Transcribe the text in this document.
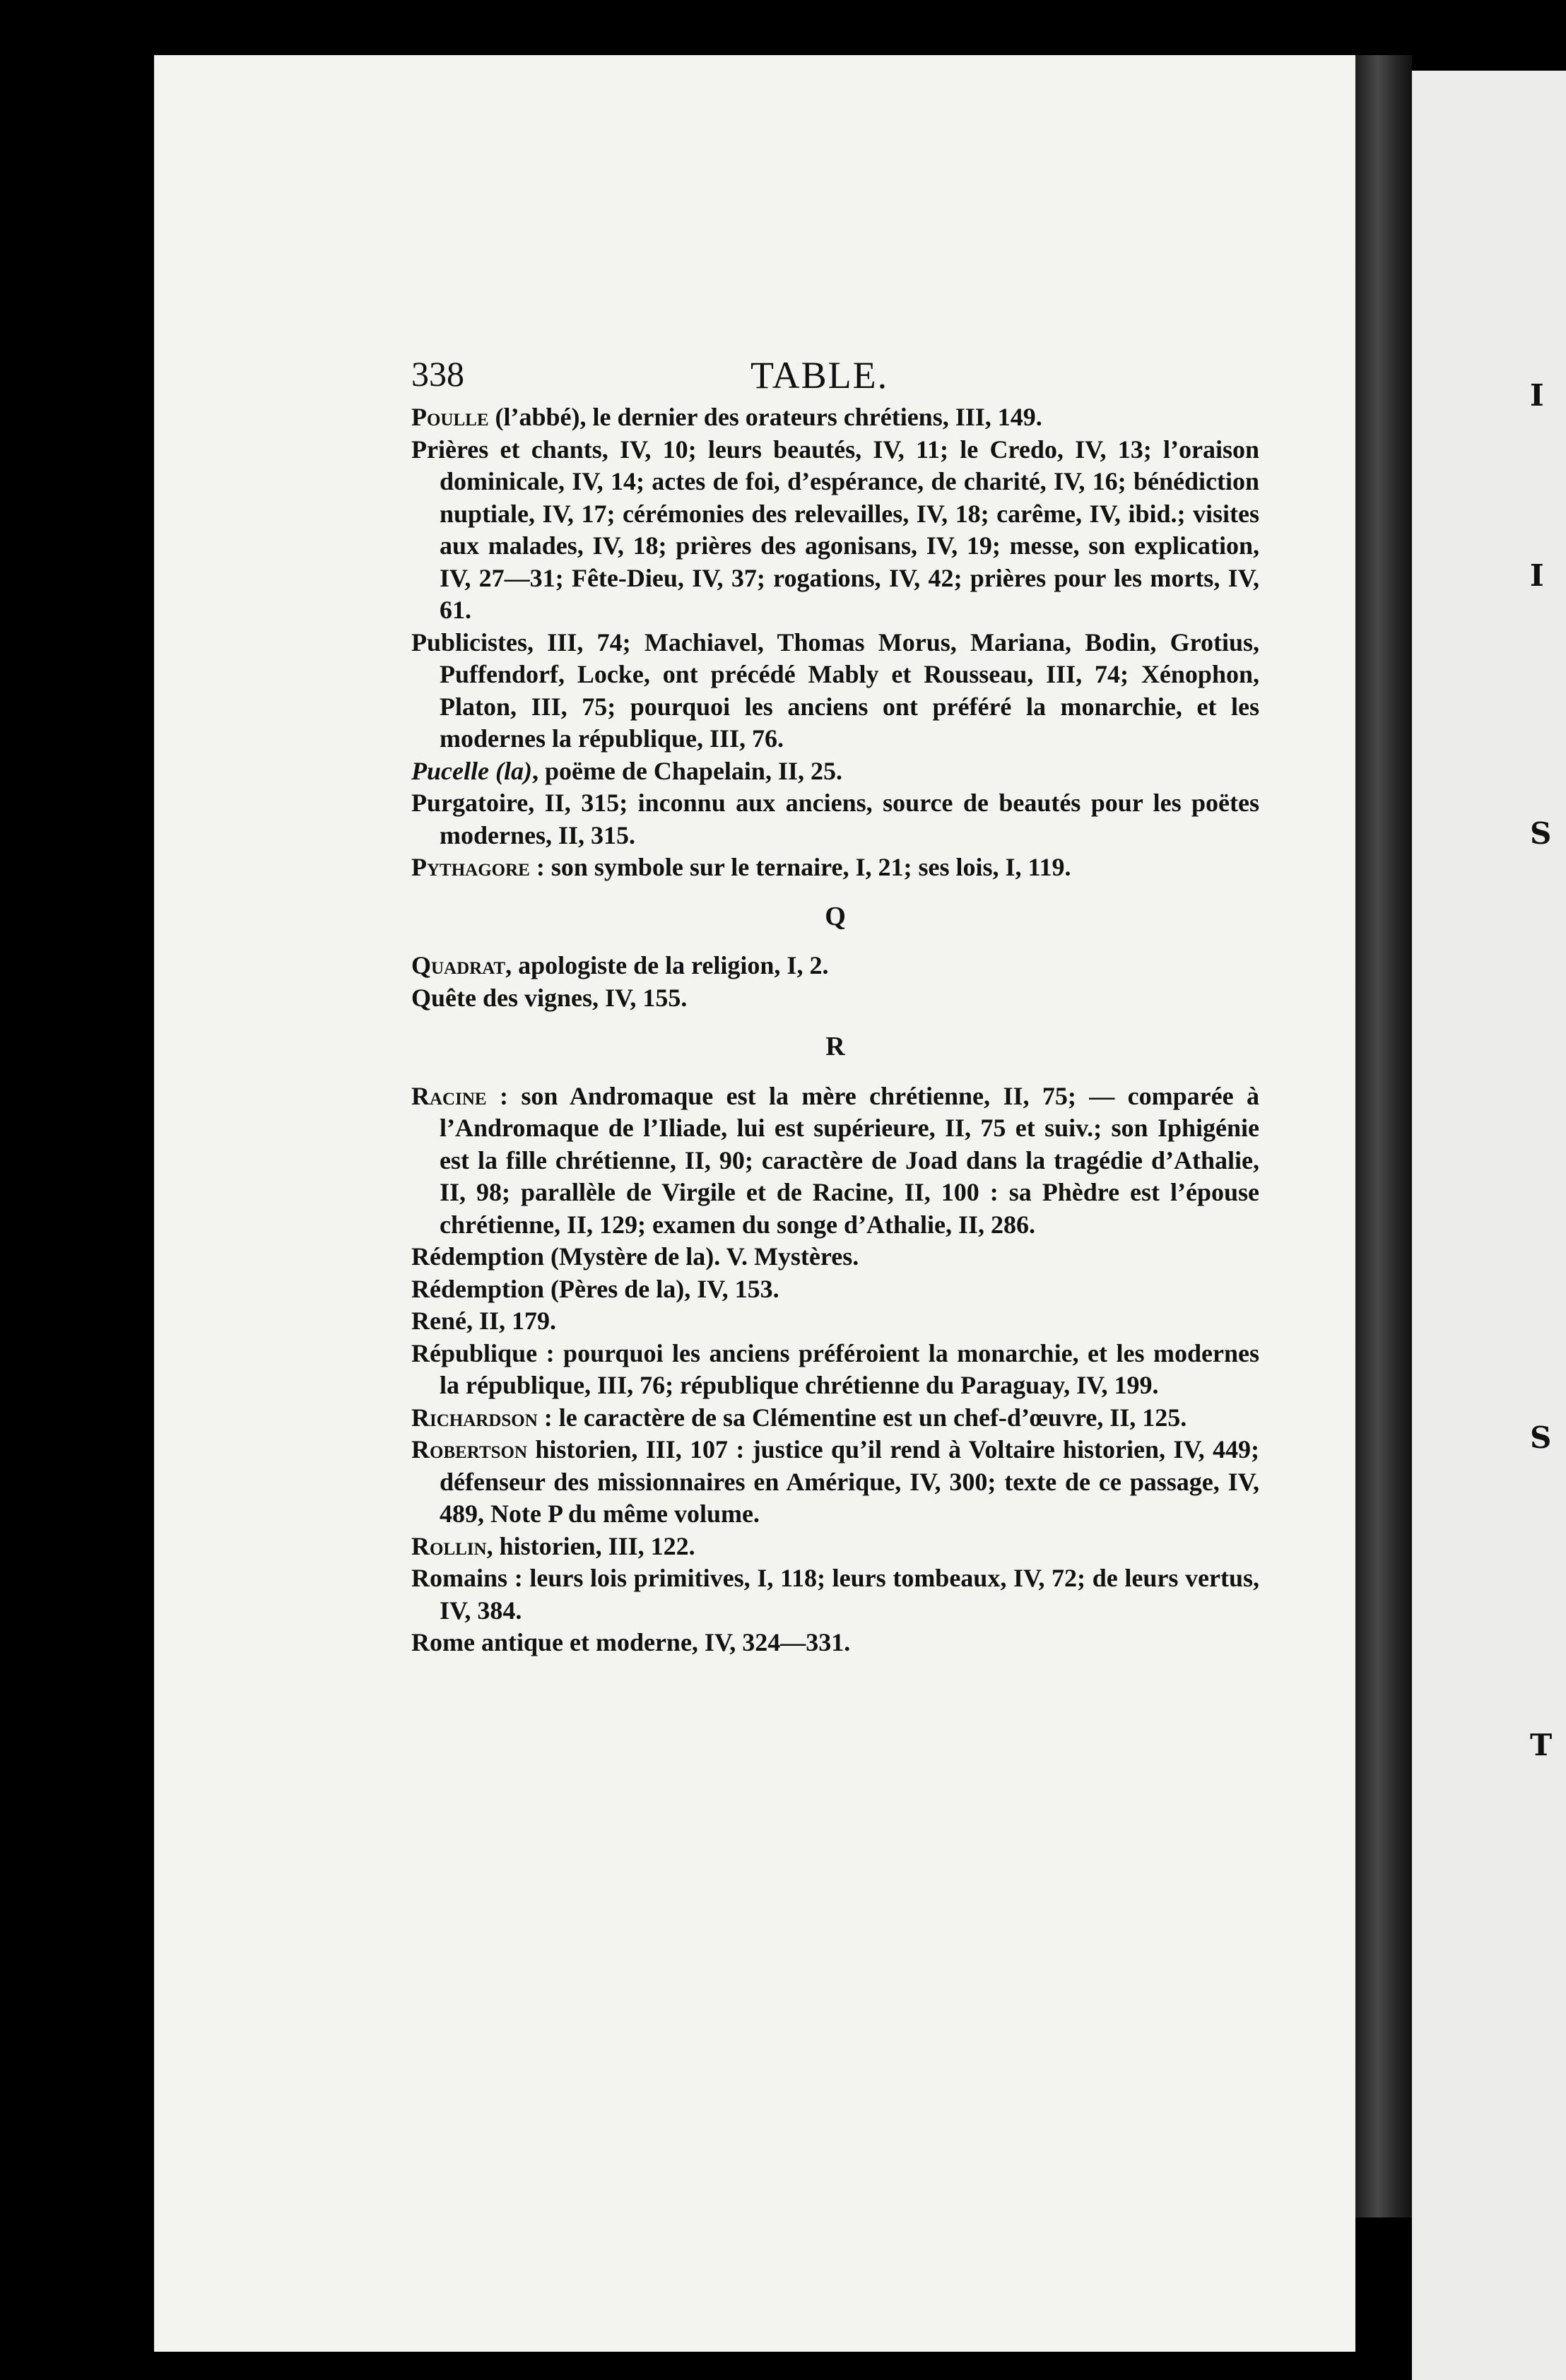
I
I
S
S
T
338	TABLE.

Poulle (l’abbé), le dernier des orateurs chrétiens, III, 149.

Prières et chants, IV, 10; leurs beautés, IV, 11; le Credo, IV, 13; l’oraison dominicale, IV, 14; actes de foi, d’espérance, de charité, IV, 16; bénédiction nuptiale, IV, 17; cérémonies des relevailles, IV, 18; carême, IV, ibid.; visites aux malades, IV, 18; prières des agonisans, IV, 19; messe, son explication, IV, 27—31; Fête-Dieu, IV, 37; rogations, IV, 42; prières pour les morts, IV, 61.

Publicistes, III, 74; Machiavel, Thomas Morus, Mariana, Bodin, Grotius, Puffendorf, Locke, ont précédé Mably et Rousseau, III, 74; Xénophon, Platon, III, 75; pourquoi les anciens ont préféré la monarchie, et les modernes la république, III, 76.

Pucelle (la), poëme de Chapelain, II, 25.

Purgatoire, II, 315; inconnu aux anciens, source de beautés pour les poëtes modernes, II, 315.

Pythagore : son symbole sur le ternaire, I, 21; ses lois, I, 119.

Q

Quadrat, apologiste de la religion, I, 2.

Quête des vignes, IV, 155.

R

Racine : son Andromaque est la mère chrétienne, II, 75; — comparée à l’Andromaque de l’Iliade, lui est supérieure, II, 75 et suiv.; son Iphigénie est la fille chrétienne, II, 90; caractère de Joad dans la tragédie d’Athalie, II, 98; parallèle de Virgile et de Racine, II, 100 : sa Phèdre est l’épouse chrétienne, II, 129; examen du songe d’Athalie, II, 286.

Rédemption (Mystère de la). V. Mystères.

Rédemption (Pères de la), IV, 153.

René, II, 179.

République : pourquoi les anciens préféroient la monarchie, et les modernes la république, III, 76; république chrétienne du Paraguay, IV, 199.

Richardson : le caractère de sa Clémentine est un chef-d’œuvre, II, 125.

Robertson historien, III, 107 : justice qu’il rend à Voltaire historien, IV, 449; défenseur des missionnaires en Amérique, IV, 300; texte de ce passage, IV, 489, Note P du même volume.

Rollin, historien, III, 122.

Romains : leurs lois primitives, I, 118; leurs tombeaux, IV, 72; de leurs vertus, IV, 384.

Rome antique et moderne, IV, 324—331.
